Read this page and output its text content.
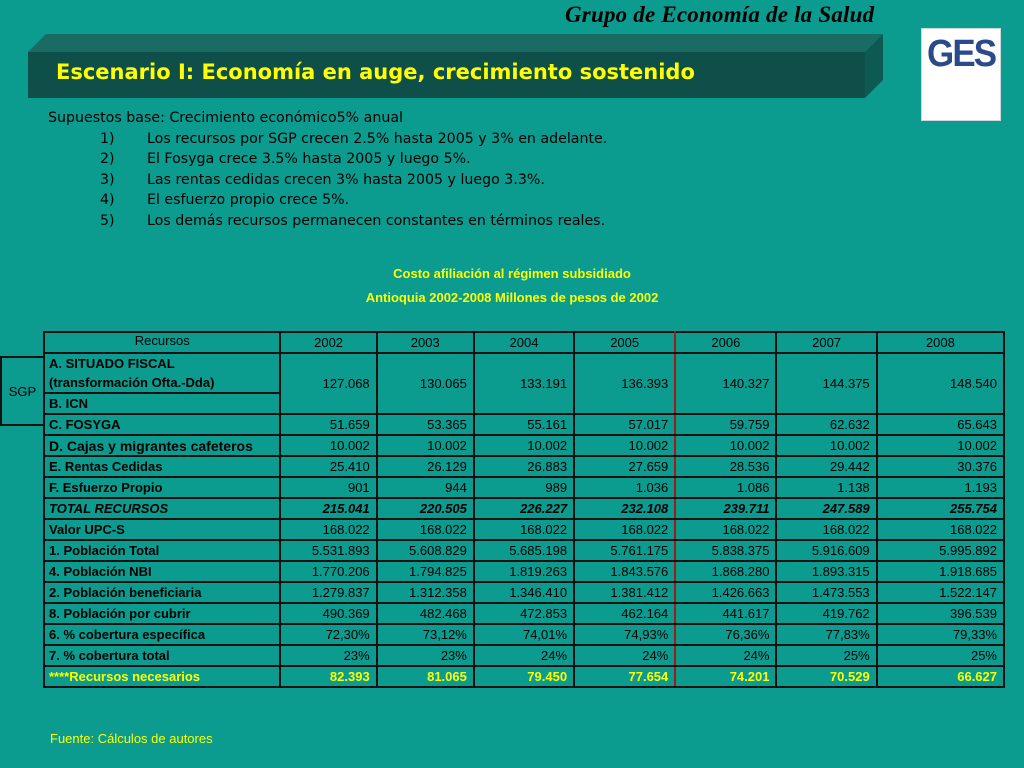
Grupo de Economía de la Salud
GES
Escenario I: Economía en auge, crecimiento sostenido
Supuestos base: Crecimiento económico5% anual
1)	Los recursos por SGP crecen 2.5% hasta 2005 y 3% en adelante.
2)	El Fosyga crece 3.5% hasta 2005 y luego 5%.
3)	Las rentas cedidas crecen 3% hasta 2005 y luego 3.3%.
4)	El esfuerzo propio crece 5%.
5)	Los demás recursos permanecen constantes en términos reales.
Costo afiliación al régimen subsidiado
Antioquia 2002-2008 Millones de pesos de 2002
SGP
Recursos	2002	2003	2004	2005	2006	2007	2008
A. SITUADO FISCAL	127.068	130.065	133.191	136.393	140.327	144.375	148.540
(transformación Ofta.-Dda)							
B. ICN							
C. FOSYGA	51.659	53.365	55.161	57.017	59.759	62.632	65.643
D. Cajas y migrantes cafeteros	10.002	10.002	10.002	10.002	10.002	10.002	10.002
E. Rentas Cedidas	25.410	26.129	26.883	27.659	28.536	29.442	30.376
F. Esfuerzo Propio	901	944	989	1.036	1.086	1.138	1.193
TOTAL RECURSOS	215.041	220.505	226.227	232.108	239.711	247.589	255.754
Valor UPC-S	168.022	168.022	168.022	168.022	168.022	168.022	168.022
1. Población Total	5.531.893	5.608.829	5.685.198	5.761.175	5.838.375	5.916.609	5.995.892
4. Población NBI	1.770.206	1.794.825	1.819.263	1.843.576	1.868.280	1.893.315	1.918.685
2. Población beneficiaria	1.279.837	1.312.358	1.346.410	1.381.412	1.426.663	1.473.553	1.522.147
8. Población por cubrir	490.369	482.468	472.853	462.164	441.617	419.762	396.539
6. % cobertura específica	72,30%	73,12%	74,01%	74,93%	76,36%	77,83%	79,33%
7. % cobertura total	23%	23%	24%	24%	24%	25%	25%
****Recursos necesarios	82.393	81.065	79.450	77.654	74.201	70.529	66.627
Fuente: Cálculos de autores
